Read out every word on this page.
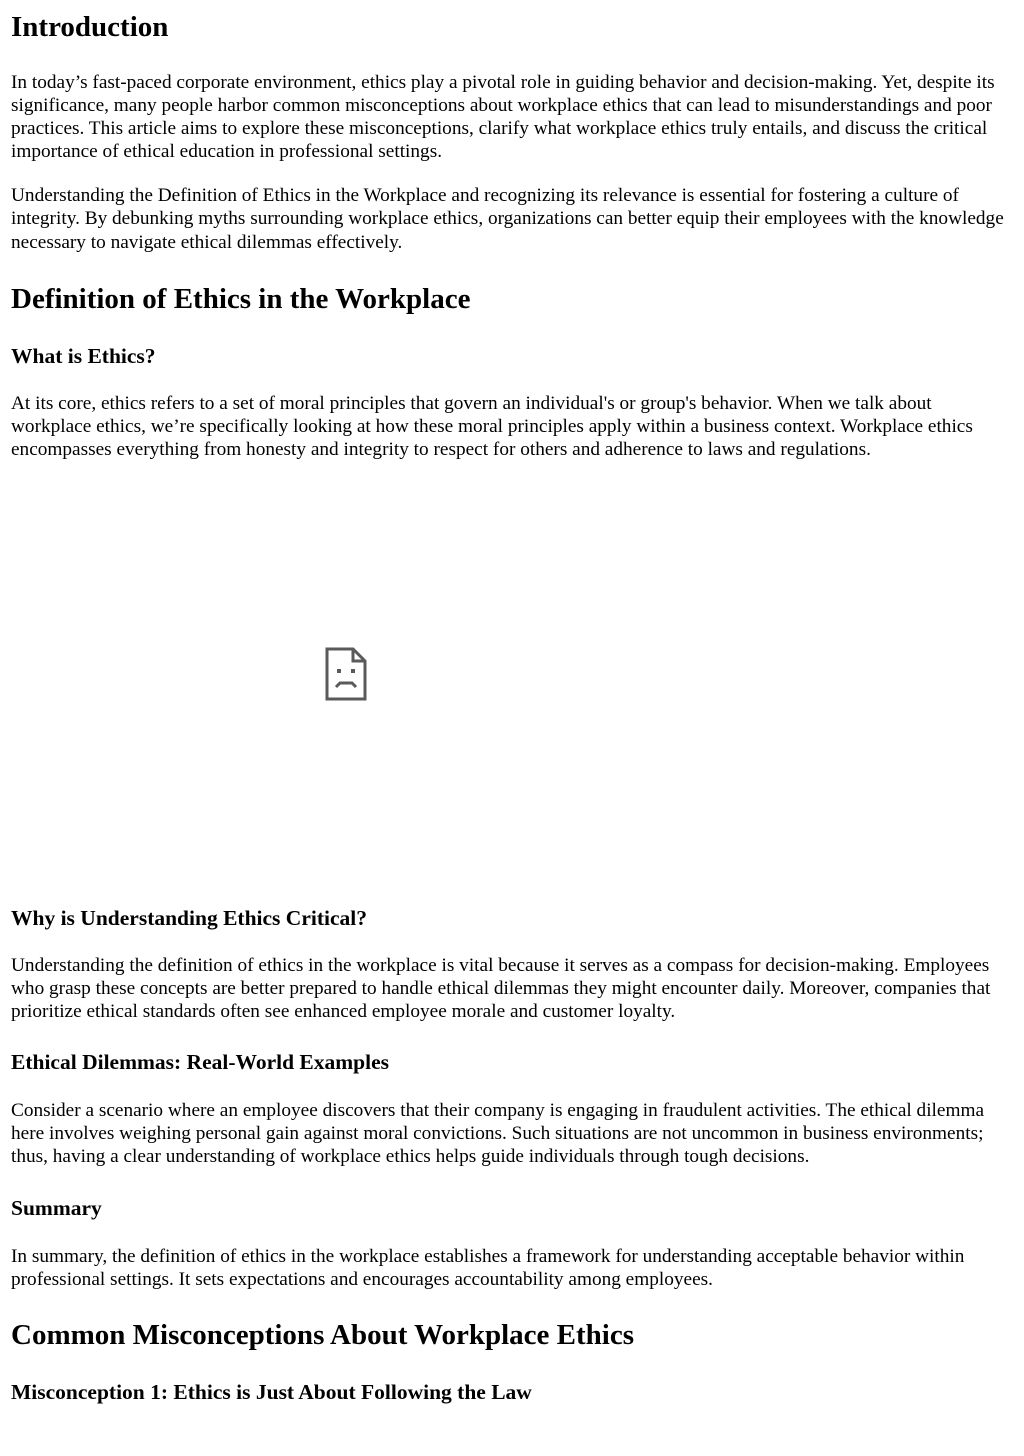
Introduction

In today’s fast-paced corporate environment, ethics play a pivotal role in guiding behavior and decision-making. Yet, despite its significance, many people harbor common misconceptions about workplace ethics that can lead to misunderstandings and poor practices. This article aims to explore these misconceptions, clarify what workplace ethics truly entails, and discuss the critical importance of ethical education in professional settings.

Understanding the Definition of Ethics in the Workplace and recognizing its relevance is essential for fostering a culture of integrity. By debunking myths surrounding workplace ethics, organizations can better equip their employees with the knowledge necessary to navigate ethical dilemmas effectively.

Definition of Ethics in the Workplace
What is Ethics?

At its core, ethics refers to a set of moral principles that govern an individual's or group's behavior. When we talk about workplace ethics, we’re specifically looking at how these moral principles apply within a business context. Workplace ethics encompasses everything from honesty and integrity to respect for others and adherence to laws and regulations.

Why is Understanding Ethics Critical?

Understanding the definition of ethics in the workplace is vital because it serves as a compass for decision-making. Employees who grasp these concepts are better prepared to handle ethical dilemmas they might encounter daily. Moreover, companies that prioritize ethical standards often see enhanced employee morale and customer loyalty.

Ethical Dilemmas: Real-World Examples

Consider a scenario where an employee discovers that their company is engaging in fraudulent activities. The ethical dilemma here involves weighing personal gain against moral convictions. Such situations are not uncommon in business environments; thus, having a clear understanding of workplace ethics helps guide individuals through tough decisions.

Summary

In summary, the definition of ethics in the workplace establishes a framework for understanding acceptable behavior within professional settings. It sets expectations and encourages accountability among employees.

Common Misconceptions About Workplace Ethics
Misconception 1: Ethics is Just About Following the Law
